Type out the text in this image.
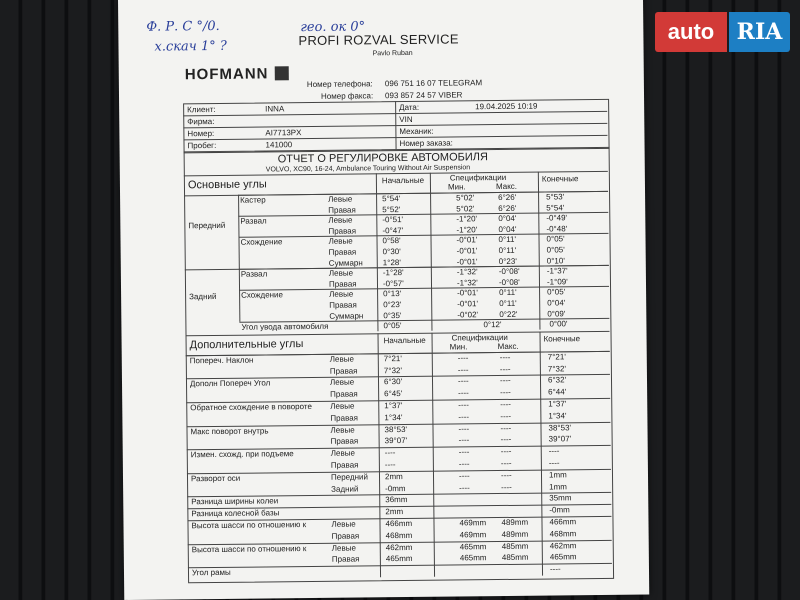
auto	RIA
Ф. Р. С °/0.
х.скач 1° ?
гео. ок 0°
PROFI ROZVAL SERVICE
Pavlo Ruban
HOFMANN
Номер телефона: 096 751 16 07 TELEGRAM
Номер факса: 093 857 24 57 VIBER
Клиент:	INNA
Фирма:
Номер:	AI7713PX
Пробег:	141000
Дата:	19.04.2025 10:19
VIN
Механик:
Номер заказа:
ОТЧЕТ О РЕГУЛИРОВКЕ АВТОМОБИЛЯ
VOLVO, XC90, 16-24, Ambulance Touring Without Air Suspension
Основные углы	Начальные	Спецификации
Мин.	Макс.
Конечные
Кастер	Левые	5°54'	5°02'	6°26'	5°53'
Правая	5°52'	5°02'	6°26'	5°54'
Развал	Левые	-0°51'	-1°20'	0°04'	-0°49'
Правая	-0°47'	-1°20'	0°04'	-0°48'
Схождение	Левые	0°58'	-0°01'	0°11'	0°05'
Правая	0°30'	-0°01'	0°11'	0°05'
Суммарн 1°28'	-0°01'	0°23'	0°10'
Развал	Левые	-1°28'	-1°32'	-0°08'	-1°37'
Правая	-0°57'	-1°32'	-0°08'	-1°09'
Схождение	Левые	0°13'	-0°01'	0°11'	0°05'
Правая	0°23'	-0°01'	0°11'	0°04'
Суммарн 0°35'	-0°02'	0°22'	0°09'
Передний
Задний
Угол увода автомобиля	0°05'	0°12'	0°00'
Дополнительные углы	Начальные	Спецификации
Мин.	Макс.
Конечные
Попереч. Наклон	Левые	7°21'	----	----	7°21'
Правая	7°32'	----	----	7°32'
Дополн Попереч Угол	Левые	6°30'	----	----	6°32'
Правая	6°45'	----	----	6°44'
Обратное схождение в повороте Левые	1°37'	----	----	1°37'
Правая	1°34'	----	----	1°34'
Макс поворот внутрь	Левые	38°53'	----	----	38°53'
Правая	39°07'	----	----	39°07'
Измен. схожд. при подъеме	Левые	----	----	----	----
Правая	----	----	----	----
Разворот оси	Передний 2mm	----	----	1mm
Задний	-0mm	----	----	1mm
Разница ширины колеи	36mm	35mm
Разница колесной базы	2mm	-0mm
Высота шасси по отношению к	Левые	466mm	469mm 489mm	466mm
Правая	468mm	469mm 489mm	468mm
Высота шасси по отношению к	Левые	462mm	465mm 485mm	462mm
Правая	465mm	465mm 485mm	465mm
Угол рамы	----
